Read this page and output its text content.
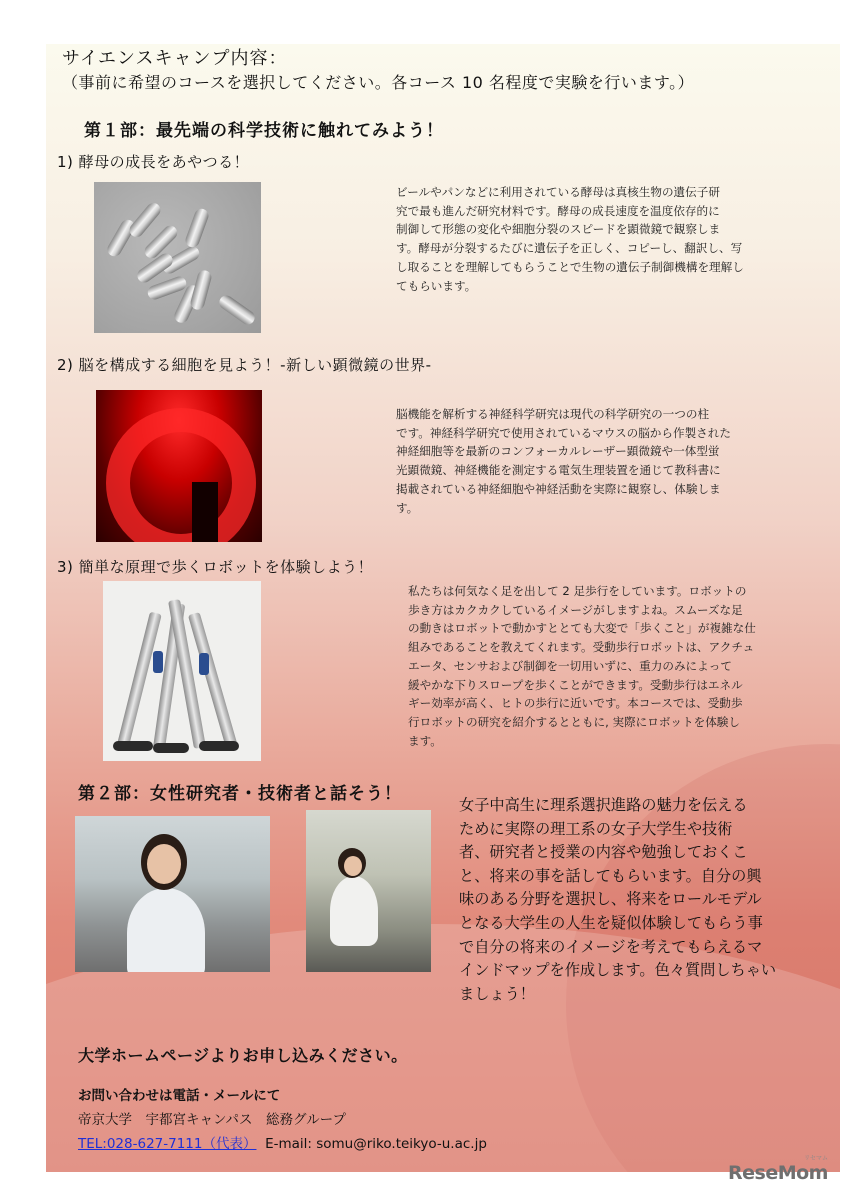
サイエンスキャンプ内容：
（事前に希望のコースを選択してください。各コース 10 名程度で実験を行います。）
第１部：最先端の科学技術に触れてみよう！
1) 酵母の成長をあやつる！
ビールやパンなどに利用されている酵母は真核生物の遺伝子研
究で最も進んだ研究材料です。酵母の成長速度を温度依存的に
制御して形態の変化や細胞分裂のスピードを顕微鏡で観察しま
す。酵母が分裂するたびに遺伝子を正しく、コピーし、翻訳し、写
し取ることを理解してもらうことで生物の遺伝子制御機構を理解し
てもらいます。
2) 脳を構成する細胞を見よう！-新しい顕微鏡の世界-
脳機能を解析する神経科学研究は現代の科学研究の一つの柱
です。神経科学研究で使用されているマウスの脳から作製された
神経細胞等を最新のコンフォーカルレーザー顕微鏡や一体型蛍
光顕微鏡、神経機能を測定する電気生理装置を通じて教科書に
掲載されている神経細胞や神経活動を実際に観察し、体験しま
す。
3) 簡単な原理で歩くロボットを体験しよう！
私たちは何気なく足を出して 2 足歩行をしています。ロボットの
歩き方はカクカクしているイメージがしますよね。スムーズな足
の動きはロボットで動かすととても大変で「歩くこと」が複雑な仕
組みであることを教えてくれます。受動歩行ロボットは、アクチュ
エータ、センサおよび制御を一切用いずに、重力のみによって
緩やかな下りスロープを歩くことができます。受動歩行はエネル
ギー効率が高く、ヒトの歩行に近いです。本コースでは、受動歩
行ロボットの研究を紹介するとともに, 実際にロボットを体験し
ます。
第２部：女性研究者・技術者と話そう！
女子中高生に理系選択進路の魅力を伝える
ために実際の理工系の女子大学生や技術
者、研究者と授業の内容や勉強しておくこ
と、将来の事を話してもらいます。自分の興
味のある分野を選択し、将来をロールモデル
となる大学生の人生を疑似体験してもらう事
で自分の将来のイメージを考えてもらえるマ
インドマップを作成します。色々質問しちゃい
ましょう！
大学ホームページよりお申し込みください。
お問い合わせは電話・メールにて
帝京大学　宇都宮キャンパス　総務グループ
TEL:028-627-7111（代表） E-mail: somu@riko.teikyo-u.ac.jp
リセマム
ReseMom
